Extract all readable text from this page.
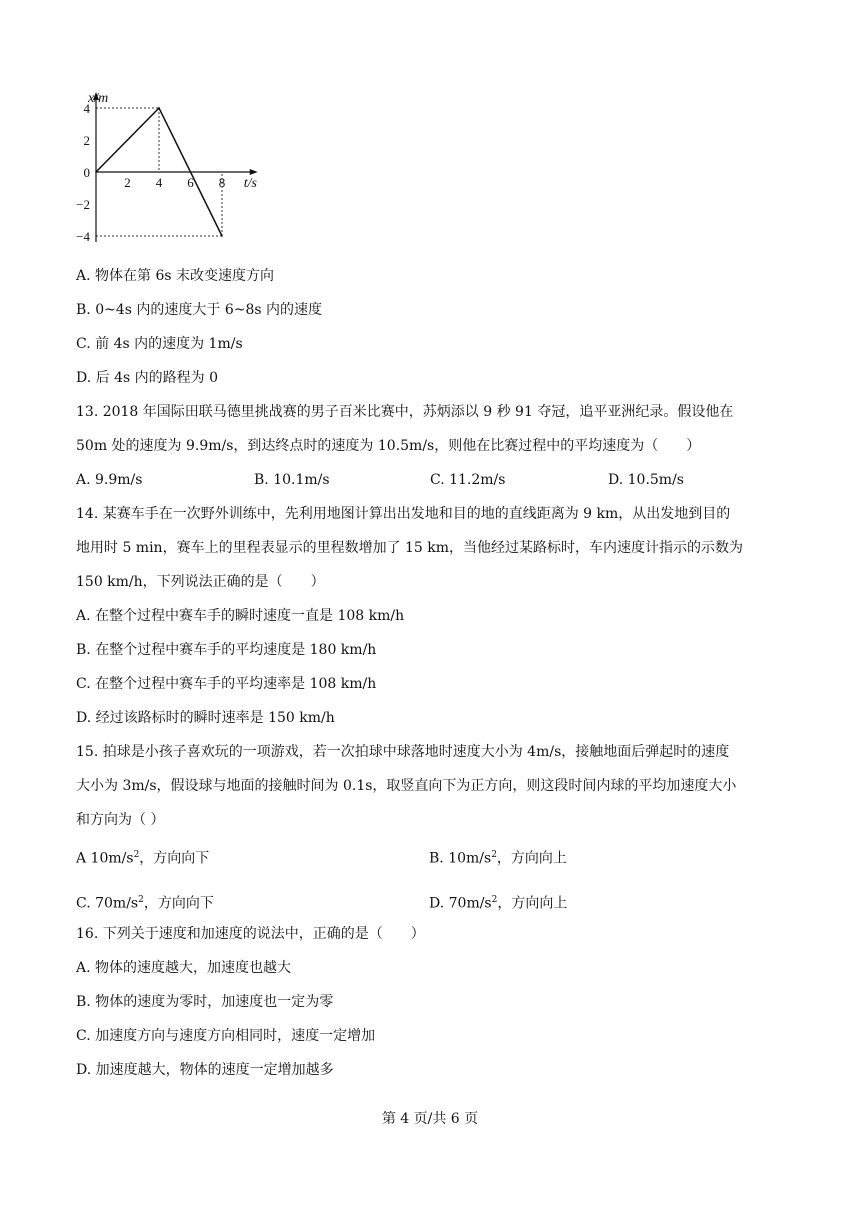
x/m
t/s
2 4 6 8
4
2
0
−2
−4
A. 物体在第 6s 末改变速度方向
B. 0~4s 内的速度大于 6~8s 内的速度
C. 前 4s 内的速度为 1m/s
D. 后 4s 内的路程为 0
13. 2018 年国际田联马德里挑战赛的男子百米比赛中，苏炳添以 9 秒 91 夺冠，追平亚洲纪录。假设他在
50m 处的速度为 9.9m/s，到达终点时的速度为 10.5m/s，则他在比赛过程中的平均速度为（　　）
A. 9.9m/s	B. 10.1m/s	C. 11.2m/s	D. 10.5m/s
14. 某赛车手在一次野外训练中，先利用地图计算出出发地和目的地的直线距离为 9 km，从出发地到目的
地用时 5 min，赛车上的里程表显示的里程数增加了 15 km，当他经过某路标时，车内速度计指示的示数为
150 km/h，下列说法正确的是（　　）
A. 在整个过程中赛车手的瞬时速度一直是 108 km/h
B. 在整个过程中赛车手的平均速度是 180 km/h
C. 在整个过程中赛车手的平均速率是 108 km/h
D. 经过该路标时的瞬时速率是 150 km/h
15. 拍球是小孩子喜欢玩的一项游戏，若一次拍球中球落地时速度大小为 4m/s，接触地面后弹起时的速度
大小为 3m/s，假设球与地面的接触时间为 0.1s，取竖直向下为正方向，则这段时间内球的平均加速度大小
和方向为（ ）
A $10m/s^2$，方向向下	B. $10m/s^2$，方向向上
C. $70m/s^2$，方向向下	D. $70m/s^2$，方向向上
16. 下列关于速度和加速度的说法中，正确的是（　　）
A. 物体的速度越大，加速度也越大
B. 物体的速度为零时，加速度也一定为零
C. 加速度方向与速度方向相同时，速度一定增加
D. 加速度越大，物体的速度一定增加越多
第 4 页/共 6 页
